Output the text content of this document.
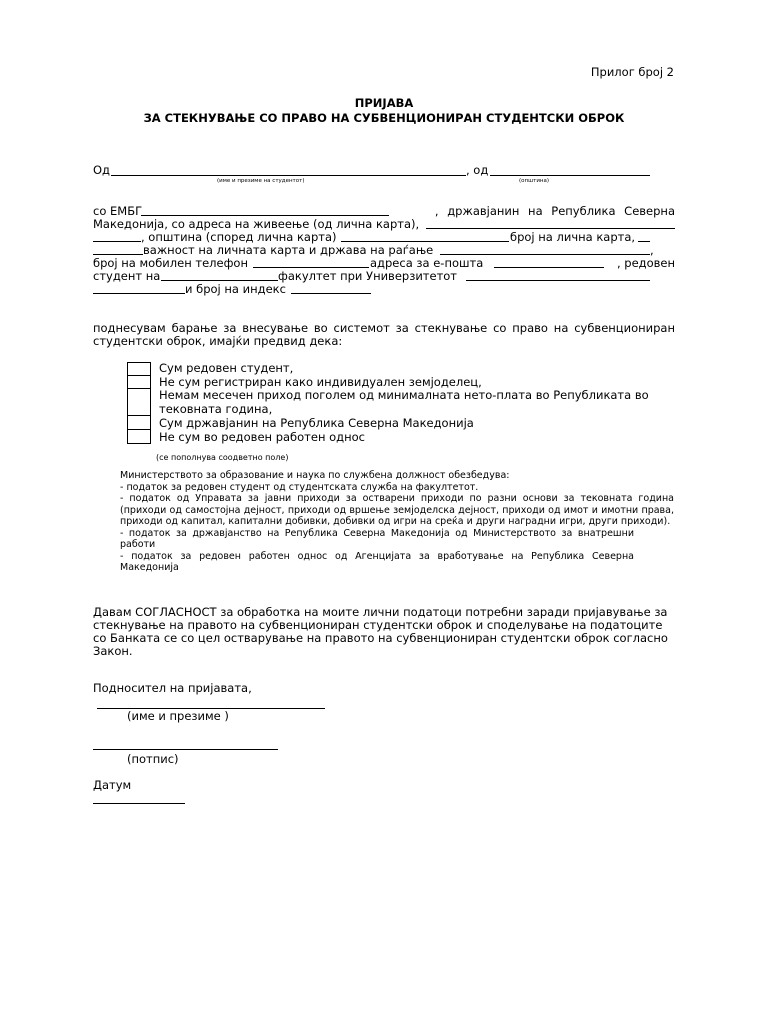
Прилог број 2
ПРИЈАВА
ЗА СТЕКНУВАЊЕ СО ПРАВО НА СУБВЕНЦИОНИРАН СТУДЕНТСКИ ОБРОК
Од	, од
(име и презиме на студентот)	(општина)
со ЕМБГ	, државјанин на Република Северна
Македонија, со адреса на живеење (од лична карта),
, општина (според лична карта)	број на лична карта,
важност на личната карта и држава на раѓање	,
број на мобилен телефон	адреса за е-пошта	, редовен
студент на	факултет при Универзитетот
и број на индекс
поднесувам барање за внесување во системот за стекнување со право на субвенциониран студентски оброк, имајќи предвид дека:
Сум редовен студент,
Не сум регистриран како индивидуален земјоделец,
Немам месечен приход поголем од минималната нето-плата во Републиката во тековната година,
Сум државјанин на Република Северна Македонија
Не сум во редовен работен однос
(се пополнува соодветно поле)
Министерството за образование и наука по службена должност обезбедува:
- податок за редовен студент од студентската служба на факултетот.
- податок од Управата за јавни приходи за остварени приходи по разни основи за тековната година (приходи од самостојна дејност, приходи од вршење земјоделска дејност, приходи од имот и имотни права, приходи од капитал, капитални добивки, добивки од игри на среќа и други наградни игри, други приходи).
- податок за државјанство на Република Северна Македонија од Министерството за внатрешни работи
- податок за редовен работен однос од Агенцијата за вработување на Република Северна Македонија
Давам СОГЛАСНОСТ за обработка на моите лични податоци потребни заради пријавување за стекнување на правото на субвенциониран студентски оброк и споделување на податоците со Банката се со цел остварување на правото на субвенциониран студентски оброк согласно Закон.
Подносител на пријавата,
(име и презиме )
(потпис)
Датум
